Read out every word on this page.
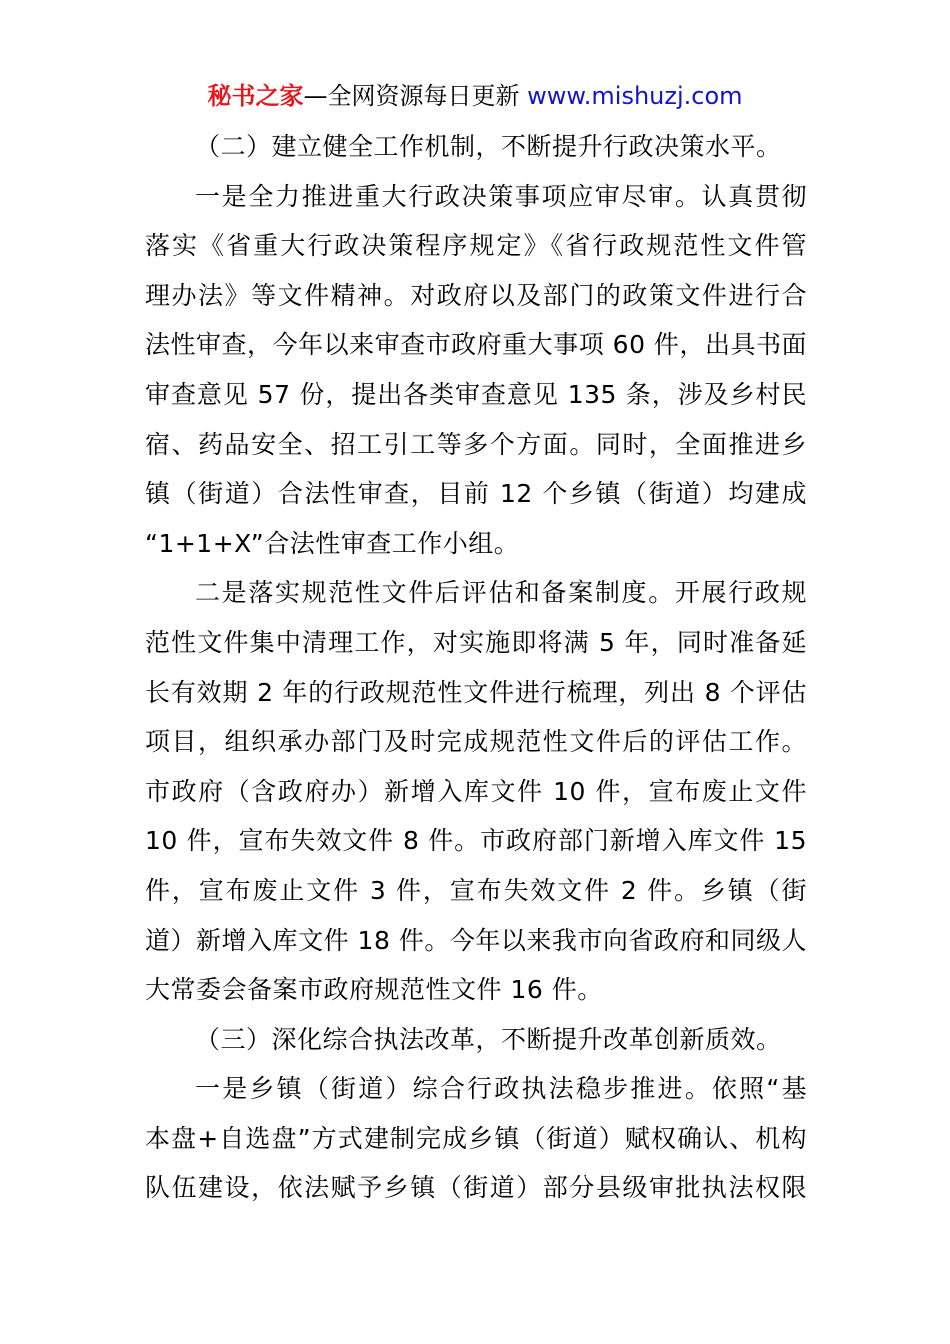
秘书之家—全网资源每日更新 www.mishuzj.com
（二）建立健全工作机制，不断提升行政决策水平。
一是全力推进重大行政决策事项应审尽审。认真贯彻
落实《省重大行政决策程序规定》《省行政规范性文件管
理办法》等文件精神。对政府以及部门的政策文件进行合
法性审查，今年以来审查市政府重大事项 60 件，出具书面
审查意见 57 份，提出各类审查意见 135 条，涉及乡村民
宿、药品安全、招工引工等多个方面。同时，全面推进乡
镇（街道）合法性审查，目前 12 个乡镇（街道）均建成
“1+1+X”合法性审查工作小组。
二是落实规范性文件后评估和备案制度。开展行政规
范性文件集中清理工作，对实施即将满 5 年，同时准备延
长有效期 2 年的行政规范性文件进行梳理，列出 8 个评估
项目，组织承办部门及时完成规范性文件后的评估工作。
市政府（含政府办）新增入库文件 10 件，宣布废止文件
10 件，宣布失效文件 8 件。市政府部门新增入库文件 15
件，宣布废止文件 3 件，宣布失效文件 2 件。乡镇（街
道）新增入库文件 18 件。今年以来我市向省政府和同级人
大常委会备案市政府规范性文件 16 件。
（三）深化综合执法改革，不断提升改革创新质效。
一是乡镇（街道）综合行政执法稳步推进。依照“基
本盘+自选盘”方式建制完成乡镇（街道）赋权确认、机构
队伍建设，依法赋予乡镇（街道）部分县级审批执法权限
